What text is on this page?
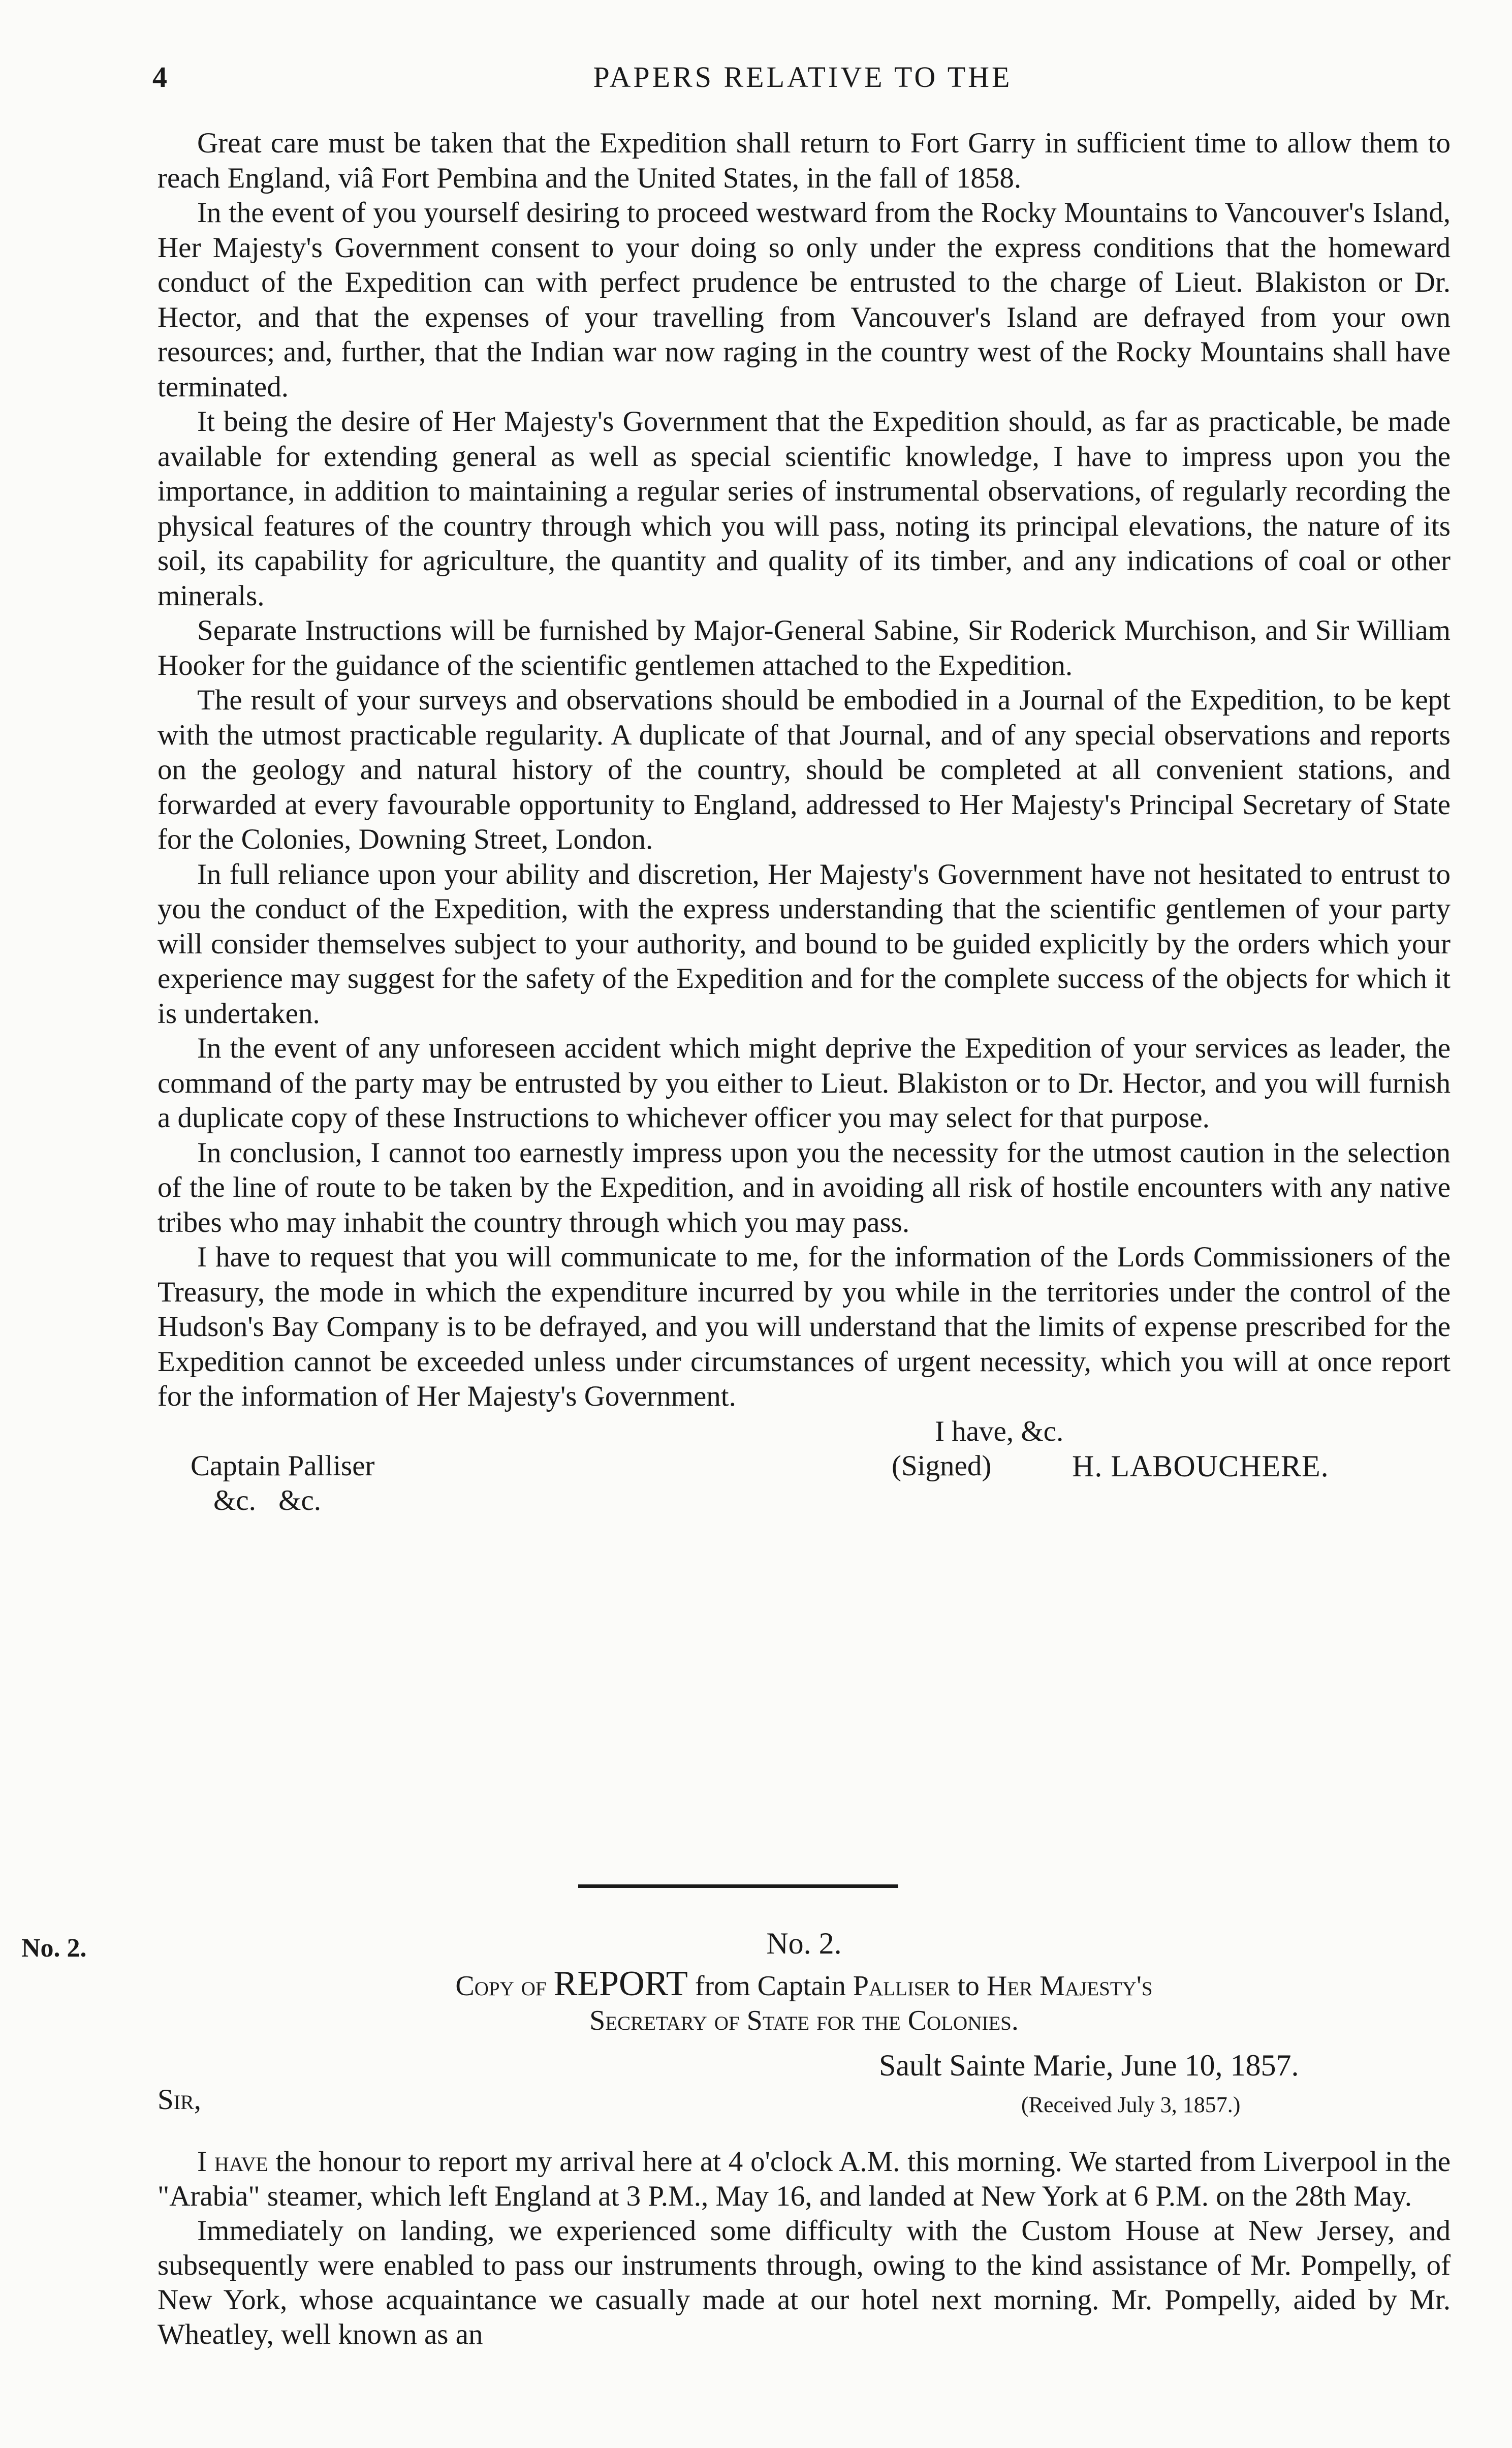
4	PAPERS RELATIVE TO THE

Great care must be taken that the Expedition shall return to Fort Garry in sufficient time to allow them to reach England, viâ Fort Pembina and the United States, in the fall of 1858.

In the event of you yourself desiring to proceed westward from the Rocky Mountains to Vancouver's Island, Her Majesty's Government consent to your doing so only under the express conditions that the homeward conduct of the Expedition can with perfect prudence be entrusted to the charge of Lieut. Blakiston or Dr. Hector, and that the expenses of your travelling from Vancouver's Island are defrayed from your own resources; and, further, that the Indian war now raging in the country west of the Rocky Mountains shall have terminated.

It being the desire of Her Majesty's Government that the Expedition should, as far as practicable, be made available for extending general as well as special scientific knowledge, I have to impress upon you the importance, in addition to maintaining a regular series of instrumental observations, of regularly recording the physical features of the country through which you will pass, noting its principal elevations, the nature of its soil, its capability for agriculture, the quantity and quality of its timber, and any indications of coal or other minerals.

Separate Instructions will be furnished by Major-General Sabine, Sir Roderick Murchison, and Sir William Hooker for the guidance of the scientific gentlemen attached to the Expedition.

The result of your surveys and observations should be embodied in a Journal of the Expedition, to be kept with the utmost practicable regularity. A duplicate of that Journal, and of any special observations and reports on the geology and natural history of the country, should be completed at all convenient stations, and forwarded at every favourable opportunity to England, addressed to Her Majesty's Principal Secretary of State for the Colonies, Downing Street, London.

In full reliance upon your ability and discretion, Her Majesty's Government have not hesitated to entrust to you the conduct of the Expedition, with the express understanding that the scientific gentlemen of your party will consider themselves subject to your authority, and bound to be guided explicitly by the orders which your experience may suggest for the safety of the Expedition and for the complete success of the objects for which it is undertaken.

In the event of any unforeseen accident which might deprive the Expedition of your services as leader, the command of the party may be entrusted by you either to Lieut. Blakiston or to Dr. Hector, and you will furnish a duplicate copy of these Instructions to whichever officer you may select for that purpose.

In conclusion, I cannot too earnestly impress upon you the necessity for the utmost caution in the selection of the line of route to be taken by the Expedition, and in avoiding all risk of hostile encounters with any native tribes who may inhabit the country through which you may pass.

I have to request that you will communicate to me, for the information of the Lords Commissioners of the Treasury, the mode in which the expenditure incurred by you while in the territories under the control of the Hudson's Bay Company is to be defrayed, and you will understand that the limits of expense prescribed for the Expedition cannot be exceeded unless under circumstances of urgent necessity, which you will at once report for the information of Her Majesty's Government.

I have, &c.
Captain Palliser	(Signed)	H. LABOUCHERE.
&c. &c.
No. 2.	No. 2.
Copy of REPORT from Captain Palliser to Her Majesty's
Secretary of State for the Colonies.
Sault Sainte Marie, June 10, 1857.
Sir,	(Received July 3, 1857.)

I have the honour to report my arrival here at 4 o'clock A.M. this morning. We started from Liverpool in the "Arabia" steamer, which left England at 3 P.M., May 16, and landed at New York at 6 P.M. on the 28th May.

Immediately on landing, we experienced some difficulty with the Custom House at New Jersey, and subsequently were enabled to pass our instruments through, owing to the kind assistance of Mr. Pompelly, of New York, whose acquaintance we casually made at our hotel next morning. Mr. Pompelly, aided by Mr. Wheatley, well known as an
